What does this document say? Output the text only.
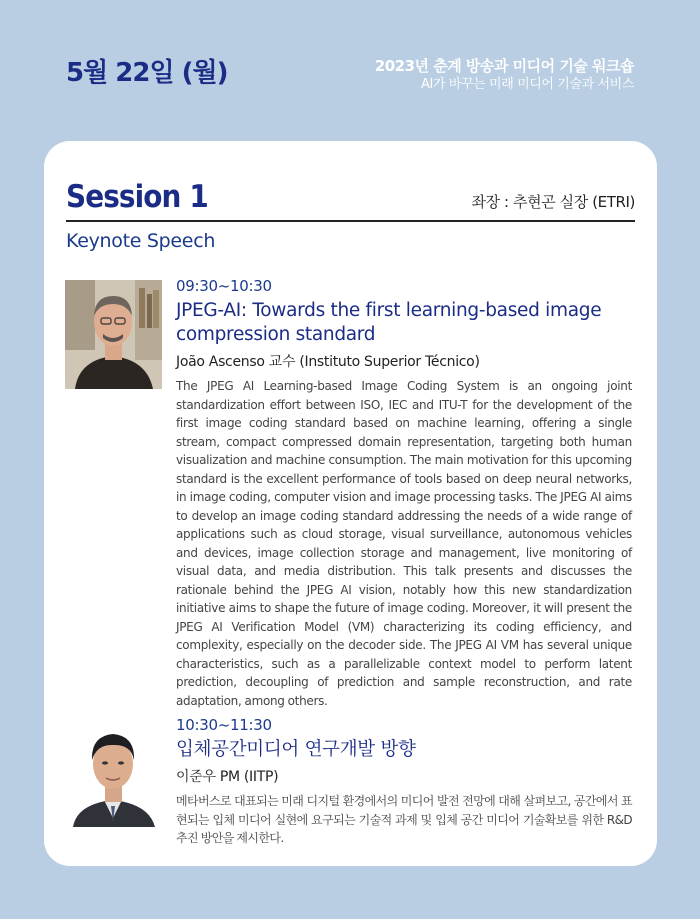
5월 22일 (월)	2023년 춘계 방송과 미디어 기술 워크숍
AI가 바꾸는 미래 미디어 기술과 서비스
Session 1	좌장 : 추현곤 실장 (ETRI)
Keynote Speech
09:30~10:30
JPEG-AI: Towards the first learning-based image compression standard
João Ascenso 교수 (Instituto Superior Técnico)
The JPEG AI Learning-based Image Coding System is an ongoing joint standardization effort between ISO, IEC and ITU-T for the development of the first image coding standard based on machine learning, offering a single stream, compact compressed domain representation, targeting both human visualization and machine consumption. The main motivation for this upcoming standard is the excellent performance of tools based on deep neural networks, in image coding, computer vision and image processing tasks. The JPEG AI aims to develop an image coding standard addressing the needs of a wide range of applications such as cloud storage, visual surveillance, autonomous vehicles and devices, image collection storage and management, live monitoring of visual data, and media distribution. This talk presents and discusses the rationale behind the JPEG AI vision, notably how this new standardization initiative aims to shape the future of image coding. Moreover, it will present the JPEG AI Verification Model (VM) characterizing its coding efficiency, and complexity, especially on the decoder side. The JPEG AI VM has several unique characteristics, such as a parallelizable context model to perform latent prediction, decoupling of prediction and sample reconstruction, and rate adaptation, among others.
10:30~11:30
입체공간미디어 연구개발 방향
이준우 PM (IITP)
메타버스로 대표되는 미래 디지털 환경에서의 미디어 발전 전망에 대해 살펴보고, 공간에서 표현되는 입체 미디어 실현에 요구되는 기술적 과제 및 입체 공간 미디어 기술확보를 위한 R&D 추진 방안을 제시한다.
